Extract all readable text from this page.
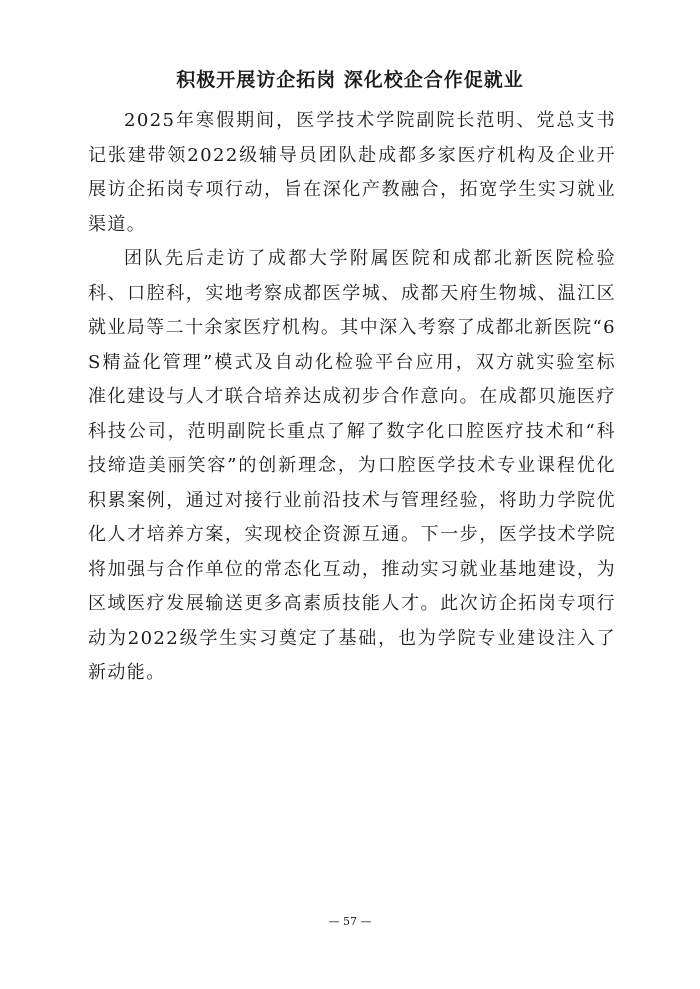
积极开展访企拓岗 深化校企合作促就业

2025年寒假期间，医学技术学院副院长范明、党总支书记张建带领2022级辅导员团队赴成都多家医疗机构及企业开展访企拓岗专项行动，旨在深化产教融合，拓宽学生实习就业渠道。

团队先后走访了成都大学附属医院和成都北新医院检验科、口腔科，实地考察成都医学城、成都天府生物城、温江区就业局等二十余家医疗机构。其中深入考察了成都北新医院“6S精益化管理”模式及自动化检验平台应用，双方就实验室标准化建设与人才联合培养达成初步合作意向。在成都贝施医疗科技公司，范明副院长重点了解了数字化口腔医疗技术和“科技缔造美丽笑容”的创新理念，为口腔医学技术专业课程优化积累案例，通过对接行业前沿技术与管理经验，将助力学院优化人才培养方案，实现校企资源互通。下一步，医学技术学院将加强与合作单位的常态化互动，推动实习就业基地建设，为区域医疗发展输送更多高素质技能人才。此次访企拓岗专项行动为2022级学生实习奠定了基础，也为学院专业建设注入了新动能。

— 57 —
